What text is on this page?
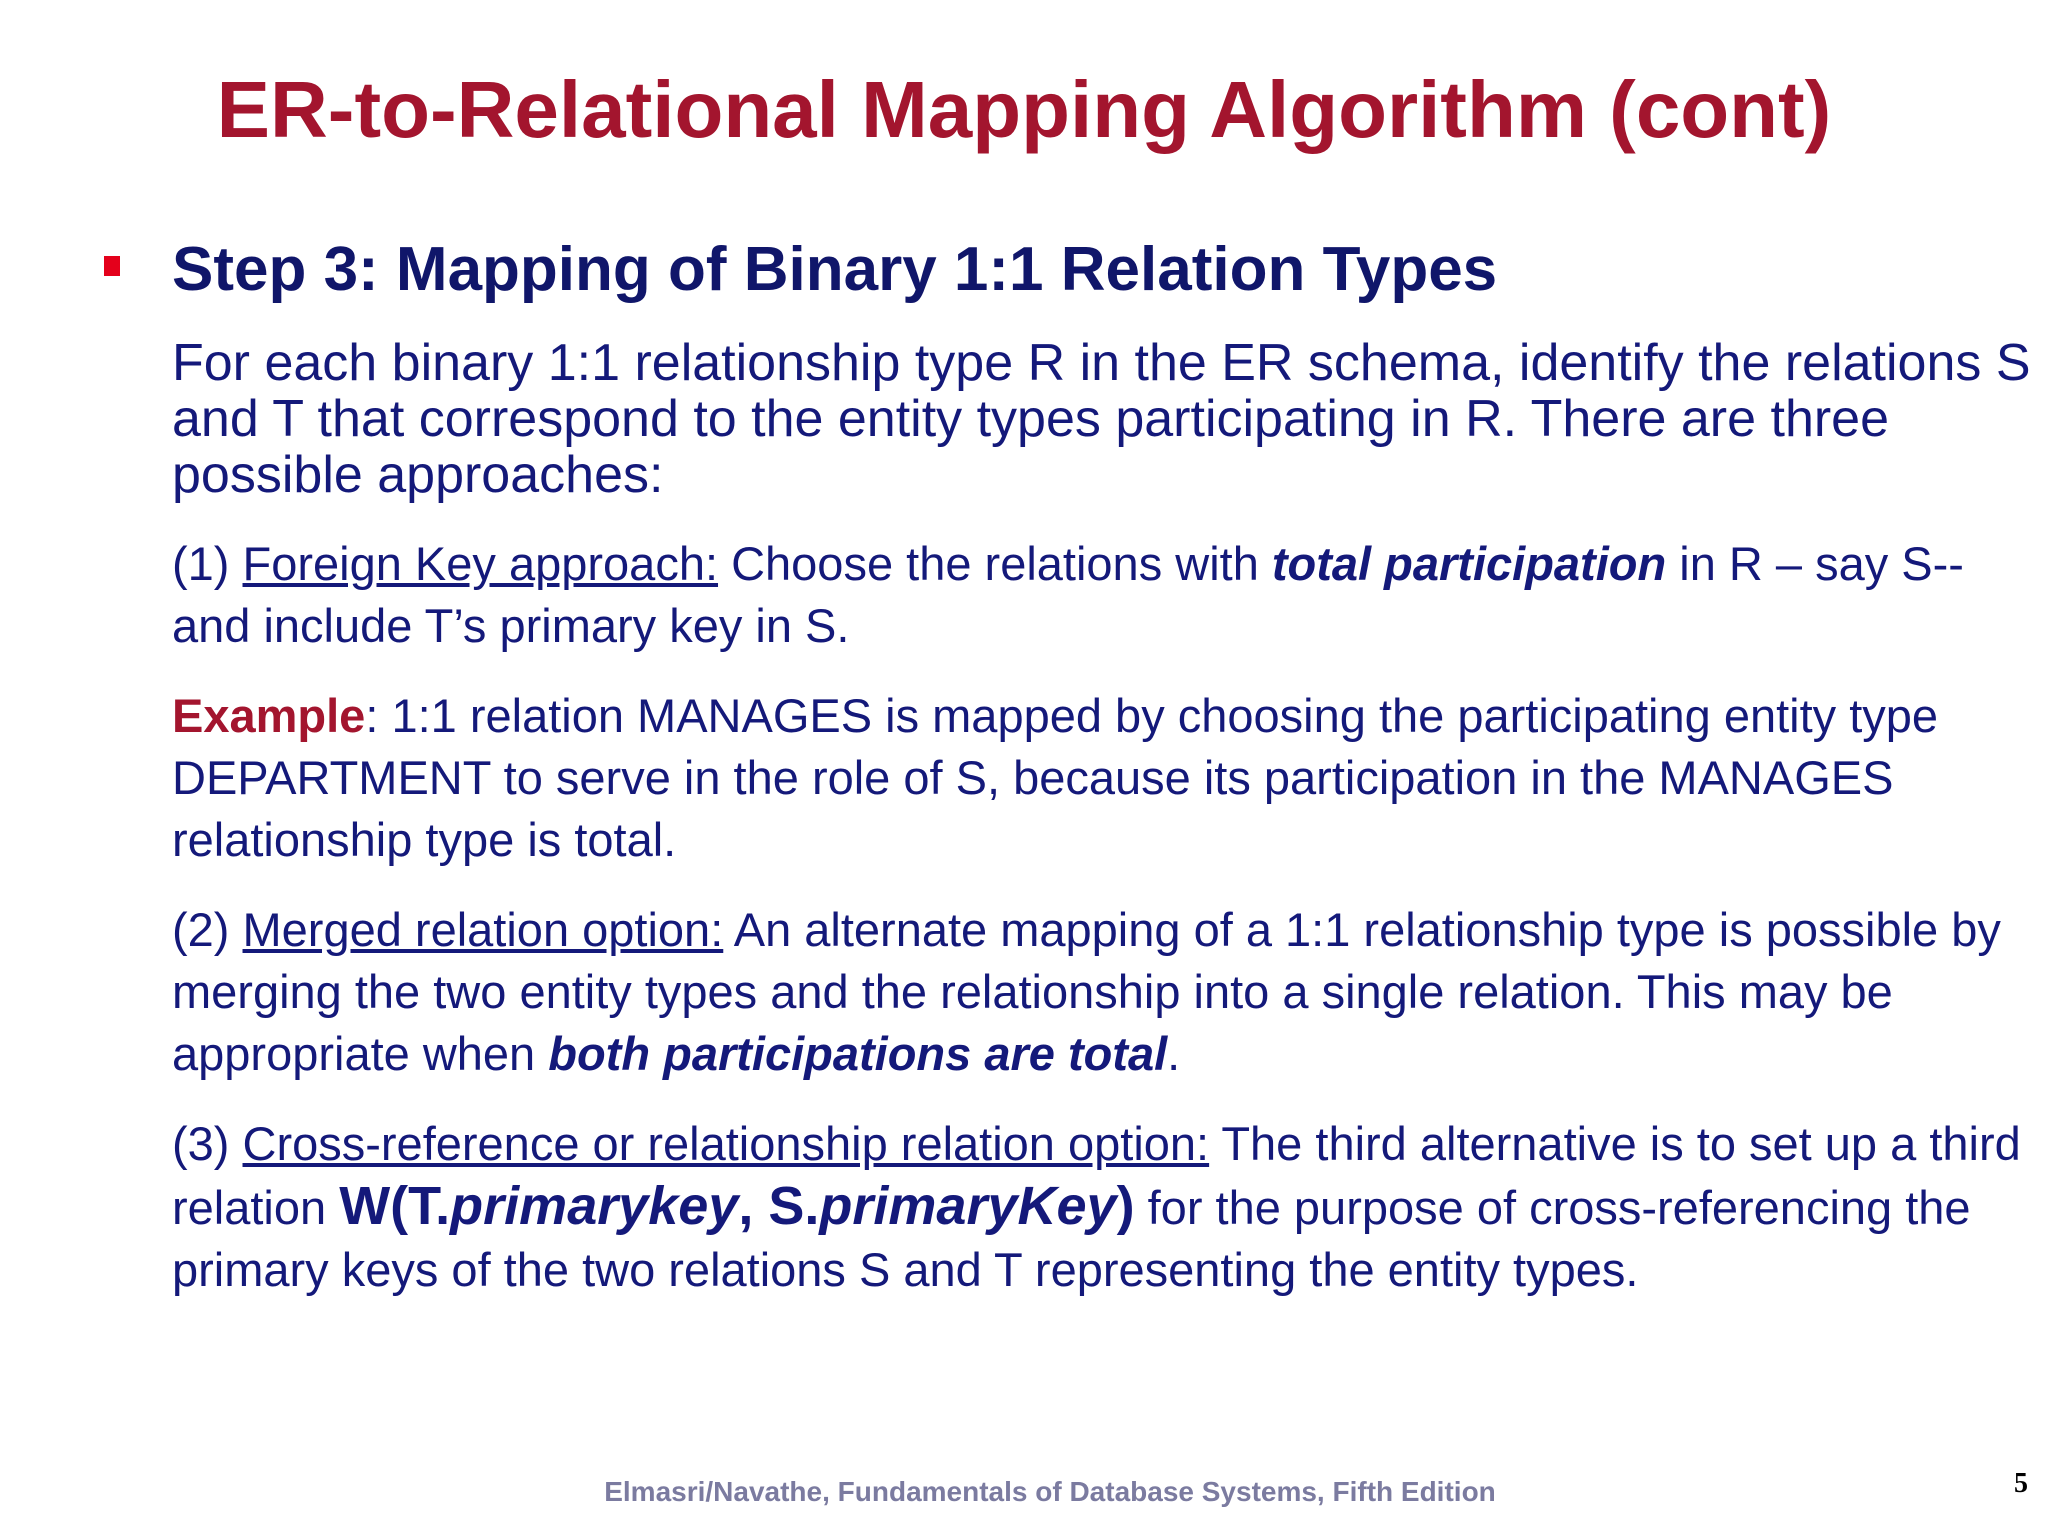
ER-to-Relational Mapping Algorithm (cont)
Step 3: Mapping of Binary 1:1 Relation Types

For each binary 1:1 relationship type R in the ER schema, identify the relations S and T that correspond to the entity types participating in R. There are three possible approaches:

(1) Foreign Key approach: Choose the relations with total participation in R – say S-- and include T’s primary key in S.

Example: 1:1 relation MANAGES is mapped by choosing the participating entity type DEPARTMENT to serve in the role of S, because its participation in the MANAGES relationship type is total.

(2) Merged relation option: An alternate mapping of a 1:1 relationship type is possible by merging the two entity types and the relationship into a single relation. This may be appropriate when both participations are total.

(3) Cross-reference or relationship relation option: The third alternative is to set up a third relation W(T.primarykey, S.primaryKey) for the purpose of cross-referencing the primary keys of the two relations S and T representing the entity types.

Elmasri/Navathe, Fundamentals of Database Systems, Fifth Edition	5
